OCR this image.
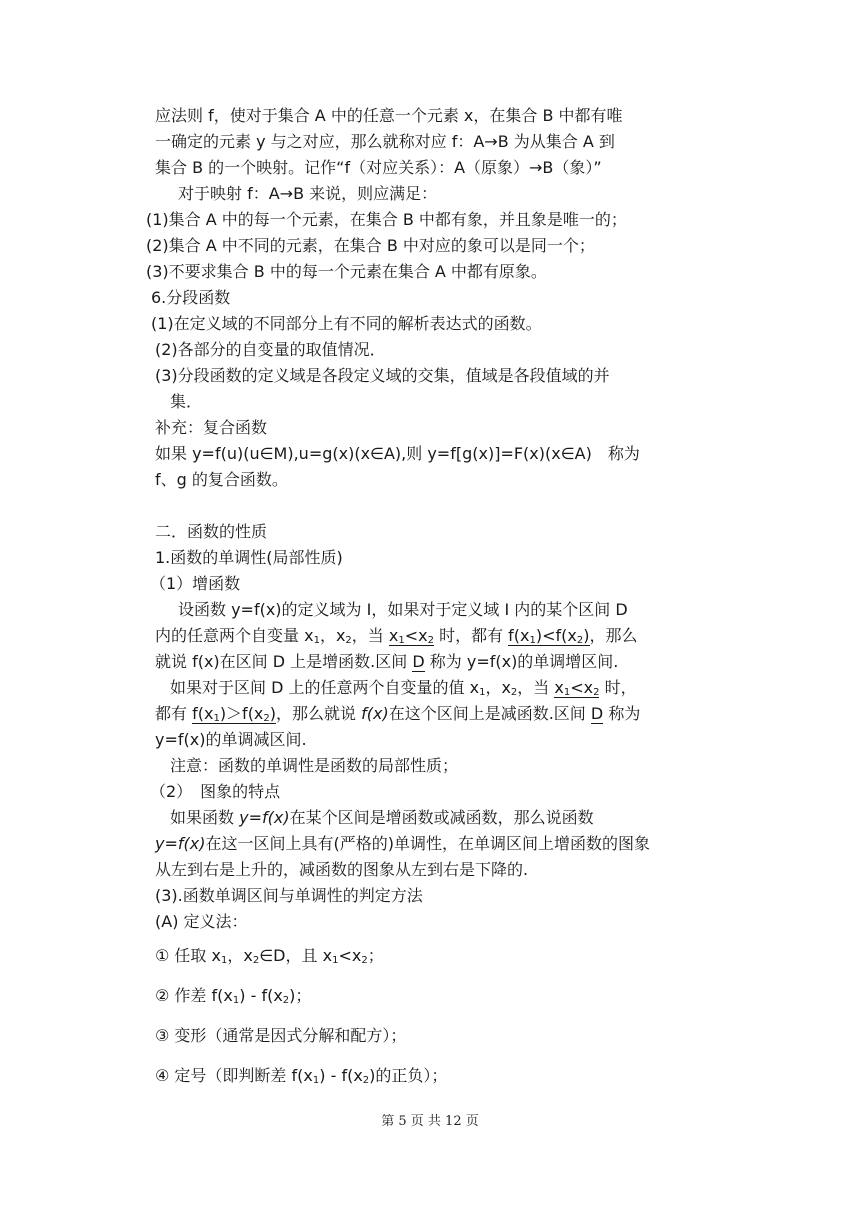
应法则 f，使对于集合 A 中的任意一个元素 x，在集合 B 中都有唯
一确定的元素 y 与之对应，那么就称对应 f：A→B 为从集合 A 到
集合 B 的一个映射。记作“f（对应关系）：A（原象）→B（象）”
对于映射 f：A→B 来说，则应满足：
(1)集合 A 中的每一个元素，在集合 B 中都有象，并且象是唯一的；
(2)集合 A 中不同的元素，在集合 B 中对应的象可以是同一个；
(3)不要求集合 B 中的每一个元素在集合 A 中都有原象。
6.分段函数
(1)在定义域的不同部分上有不同的解析表达式的函数。
(2)各部分的自变量的取值情况．
(3)分段函数的定义域是各段定义域的交集，值域是各段值域的并
集．
补充：复合函数
如果 y=f(u)(u∈M),u=g(x)(x∈A),则 y=f[g(x)]=F(x)(x∈A)　称为
f、g 的复合函数。
二．函数的性质
1.函数的单调性(局部性质)
（1）增函数
设函数 y=f(x)的定义域为 I，如果对于定义域 I 内的某个区间 D
内的任意两个自变量 $x_1$，$x_2$，当 $x_1<x_2$ 时，都有 $f(x_1)<f(x_2)$，那么
就说 f(x)在区间 D 上是增函数.区间 D 称为 y=f(x)的单调增区间.
如果对于区间 D 上的任意两个自变量的值 $x_1$，$x_2$，当 $x_1<x_2$ 时，
都有 $f(x_1)>f(x_2)$，那么就说 f(x)在这个区间上是减函数.区间 D 称为
y=f(x)的单调减区间.
注意：函数的单调性是函数的局部性质；
（2）　图象的特点
如果函数 y=f(x)在某个区间是增函数或减函数，那么说函数
y=f(x)在这一区间上具有(严格的)单调性，在单调区间上增函数的图象
从左到右是上升的，减函数的图象从左到右是下降的.
(3).函数单调区间与单调性的判定方法
(A) 定义法：
① 任取 $x_1$，$x_2\in D$，且 $x_1<x_2$；
② 作差 $f(x_1) - f(x_2)$；
③ 变形（通常是因式分解和配方）；
④ 定号（即判断差 $f(x_1) - f(x_2)$的正负）；
第 5 页 共 12 页
